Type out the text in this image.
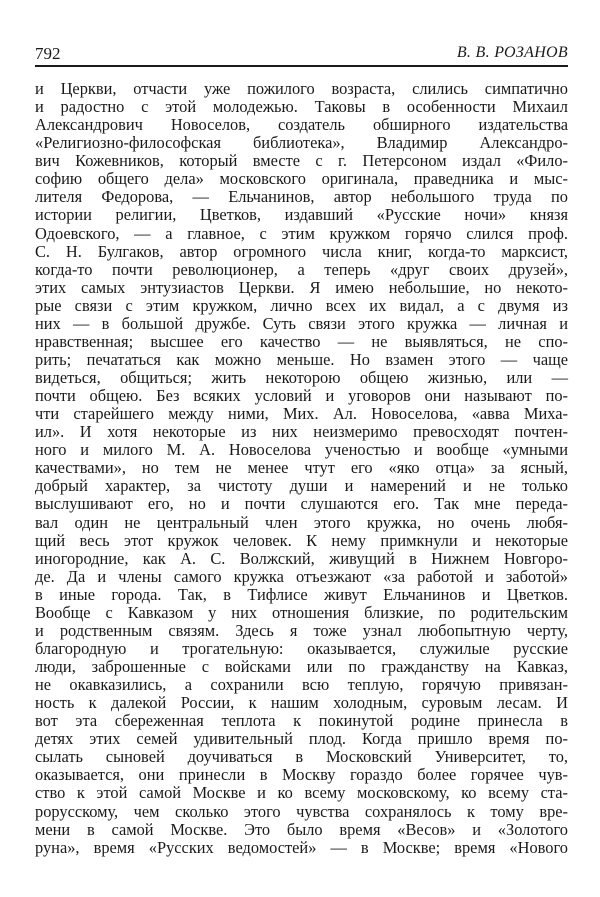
792	В. В. РОЗАНОВ
и Церкви, отчасти уже пожилого возраста, слились симпатично
и радостно с этой молодежью. Таковы в особенности Михаил
Александрович Новоселов, создатель обширного издательства
«Религиозно-философская библиотека», Владимир Александро-
вич Кожевников, который вместе с г. Петерсоном издал «Фило-
софию общего дела» московского оригинала, праведника и мыс-
лителя Федорова, — Ельчанинов, автор небольшого труда по
истории религии, Цветков, издавший «Русские ночи» князя
Одоевского, — а главное, с этим кружком горячо слился проф.
С. Н. Булгаков, автор огромного числа книг, когда-то марксист,
когда-то почти революционер, а теперь «друг своих друзей»,
этих самых энтузиастов Церкви. Я имею небольшие, но некото-
рые связи с этим кружком, лично всех их видал, а с двумя из
них — в большой дружбе. Суть связи этого кружка — личная и
нравственная; высшее его качество — не выявляться, не спо-
рить; печататься как можно меньше. Но взамен этого — чаще
видеться, общиться; жить некоторою общею жизнью, или —
почти общею. Без всяких условий и уговоров они называют по-
чти старейшего между ними, Мих. Ал. Новоселова, «авва Миха-
ил». И хотя некоторые из них неизмеримо превосходят почтен-
ного и милого М. А. Новоселова ученостью и вообще «умными
качествами», но тем не менее чтут его «яко отца» за ясный,
добрый характер, за чистоту души и намерений и не только
выслушивают его, но и почти слушаются его. Так мне переда-
вал один не центральный член этого кружка, но очень любя-
щий весь этот кружок человек. К нему примкнули и некоторые
иногородние, как А. С. Волжский, живущий в Нижнем Новгоро-
де. Да и члены самого кружка отъезжают «за работой и заботой»
в иные города. Так, в Тифлисе живут Ельчанинов и Цветков.
Вообще с Кавказом у них отношения близкие, по родительским
и родственным связям. Здесь я тоже узнал любопытную черту,
благородную и трогательную: оказывается, служилые русские
люди, заброшенные с войсками или по гражданству на Кавказ,
не окавказились, а сохранили всю теплую, горячую привязан-
ность к далекой России, к нашим холодным, суровым лесам. И
вот эта сбереженная теплота к покинутой родине принесла в
детях этих семей удивительный плод. Когда пришло время по-
сылать сыновей доучиваться в Московский Университет, то,
оказывается, они принесли в Москву гораздо более горячее чув-
ство к этой самой Москве и ко всему московскому, ко всему ста-
рорусскому, чем сколько этого чувства сохранялось к тому вре-
мени в самой Москве. Это было время «Весов» и «Золотого
руна», время «Русских ведомостей» — в Москве; время «Нового
